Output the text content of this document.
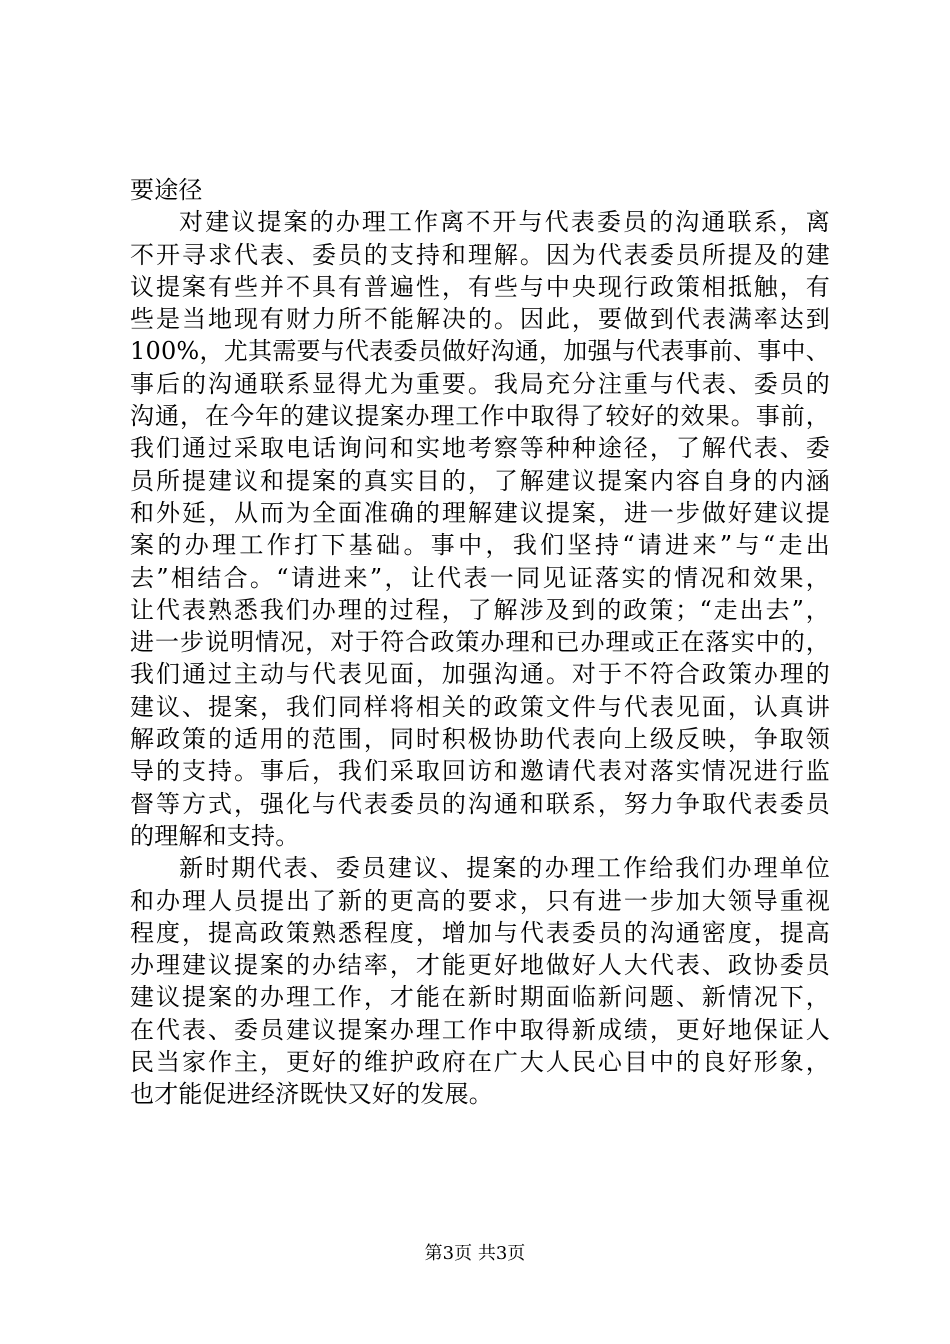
要途径
对建议提案的办理工作离不开与代表委员的沟通联系，离
不开寻求代表、委员的支持和理解。因为代表委员所提及的建
议提案有些并不具有普遍性，有些与中央现行政策相抵触，有
些是当地现有财力所不能解决的。因此，要做到代表满率达到
100%，尤其需要与代表委员做好沟通，加强与代表事前、事中、
事后的沟通联系显得尤为重要。我局充分注重与代表、委员的
沟通，在今年的建议提案办理工作中取得了较好的效果。事前，
我们通过采取电话询问和实地考察等种种途径，了解代表、委
员所提建议和提案的真实目的，了解建议提案内容自身的内涵
和外延，从而为全面准确的理解建议提案，进一步做好建议提
案的办理工作打下基础。事中，我们坚持“请进来”与“走出
去”相结合。“请进来”，让代表一同见证落实的情况和效果，
让代表熟悉我们办理的过程，了解涉及到的政策；“走出去”，
进一步说明情况，对于符合政策办理和已办理或正在落实中的，
我们通过主动与代表见面，加强沟通。对于不符合政策办理的
建议、提案，我们同样将相关的政策文件与代表见面，认真讲
解政策的适用的范围，同时积极协助代表向上级反映，争取领
导的支持。事后，我们采取回访和邀请代表对落实情况进行监
督等方式，强化与代表委员的沟通和联系，努力争取代表委员
的理解和支持。
新时期代表、委员建议、提案的办理工作给我们办理单位
和办理人员提出了新的更高的要求，只有进一步加大领导重视
程度，提高政策熟悉程度，增加与代表委员的沟通密度，提高
办理建议提案的办结率，才能更好地做好人大代表、政协委员
建议提案的办理工作，才能在新时期面临新问题、新情况下，
在代表、委员建议提案办理工作中取得新成绩，更好地保证人
民当家作主，更好的维护政府在广大人民心目中的良好形象，
也才能促进经济既快又好的发展。
第3页 共3页
